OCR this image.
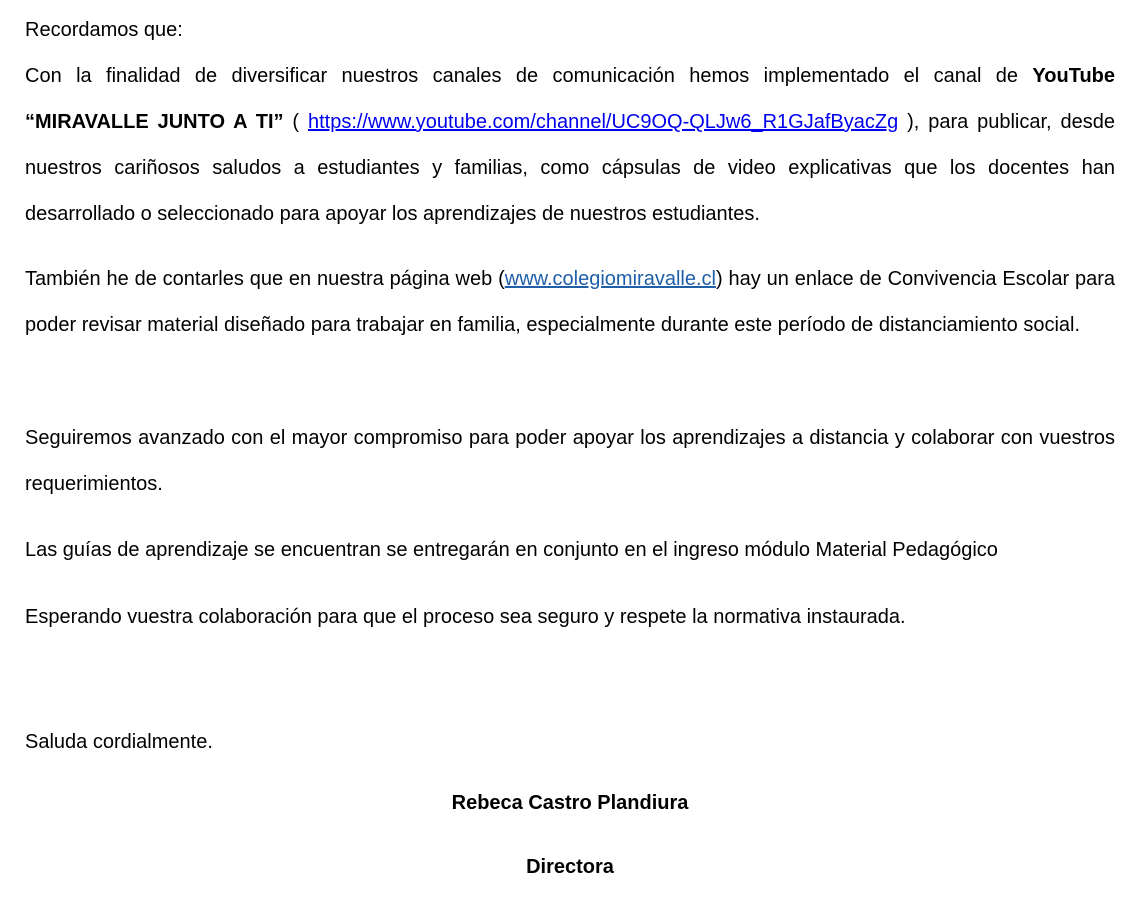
Recordamos que:

Con la finalidad de diversificar nuestros canales de comunicación hemos implementado el canal de YouTube “MIRAVALLE JUNTO A TI” ( https://www.youtube.com/channel/UC9OQ-QLJw6_R1GJafByacZg ), para publicar, desde nuestros cariñosos saludos a estudiantes y familias, como cápsulas de video explicativas que los docentes han desarrollado o seleccionado para apoyar los aprendizajes de nuestros estudiantes.

También he de contarles que en nuestra página web (www.colegiomiravalle.cl) hay un enlace de Convivencia Escolar para poder revisar material diseñado para trabajar en familia, especialmente durante este período de distanciamiento social.

Seguiremos avanzado con el mayor compromiso para poder apoyar los aprendizajes a distancia y colaborar con vuestros requerimientos.

Las guías de aprendizaje se encuentran se entregarán en conjunto en el ingreso módulo Material Pedagógico

Esperando vuestra colaboración para que el proceso sea seguro y respete la normativa instaurada.

Saluda cordialmente.

Rebeca Castro Plandiura
Directora
